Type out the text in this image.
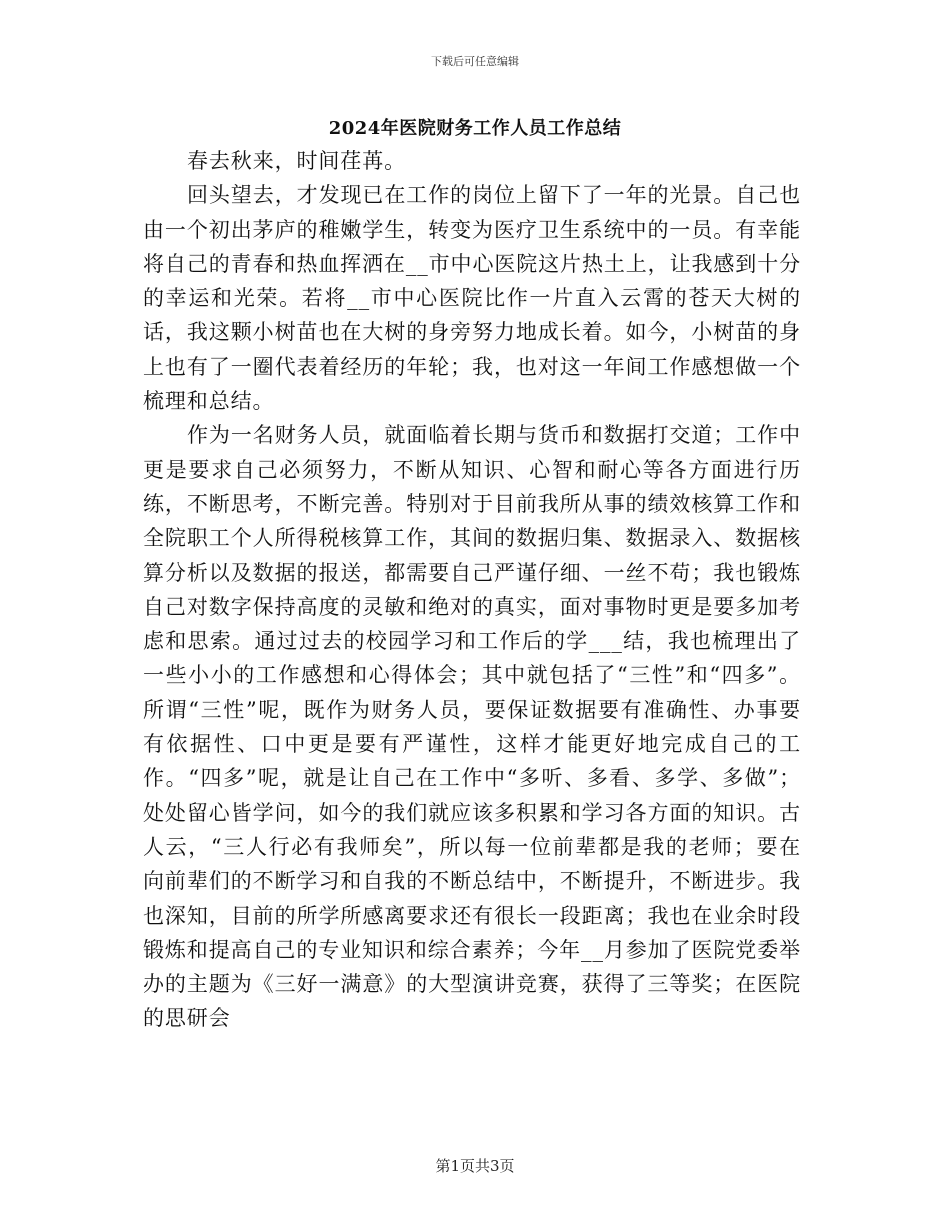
下载后可任意编辑
2024年医院财务工作人员工作总结

春去秋来，时间荏苒。

回头望去，才发现已在工作的岗位上留下了一年的光景。自己也由一个初出茅庐的稚嫩学生，转变为医疗卫生系统中的一员。有幸能将自己的青春和热血挥洒在__市中心医院这片热土上，让我感到十分的幸运和光荣。若将__市中心医院比作一片直入云霄的苍天大树的话，我这颗小树苗也在大树的身旁努力地成长着。如今，小树苗的身上也有了一圈代表着经历的年轮；我，也对这一年间工作感想做一个梳理和总结。

作为一名财务人员，就面临着长期与货币和数据打交道；工作中更是要求自己必须努力，不断从知识、心智和耐心等各方面进行历练，不断思考，不断完善。特别对于目前我所从事的绩效核算工作和全院职工个人所得税核算工作，其间的数据归集、数据录入、数据核算分析以及数据的报送，都需要自己严谨仔细、一丝不苟；我也锻炼自己对数字保持高度的灵敏和绝对的真实，面对事物时更是要多加考虑和思索。通过过去的校园学习和工作后的学___结，我也梳理出了一些小小的工作感想和心得体会；其中就包括了“三性”和“四多”。所谓“三性”呢，既作为财务人员，要保证数据要有准确性、办事要有依据性、口中更是要有严谨性，这样才能更好地完成自己的工作。“四多”呢，就是让自己在工作中“多听、多看、多学、多做”；处处留心皆学问，如今的我们就应该多积累和学习各方面的知识。古人云，“三人行必有我师矣”，所以每一位前辈都是我的老师；要在向前辈们的不断学习和自我的不断总结中，不断提升，不断进步。我也深知，目前的所学所感离要求还有很长一段距离；我也在业余时段锻炼和提高自己的专业知识和综合素养；今年__月参加了医院党委举办的主题为《三好一满意》的大型演讲竞赛，获得了三等奖；在医院的思研会

第1页共3页
